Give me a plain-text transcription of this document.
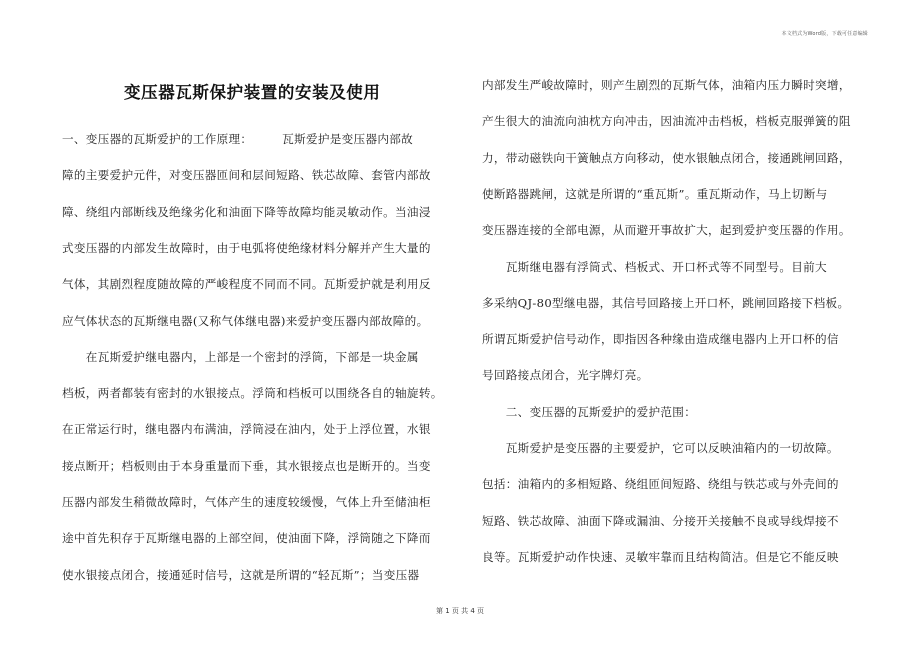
本文档式为Word版，下载可任意编辑
变压器瓦斯保护装置的安装及使用
一、变压器的瓦斯爱护的工作原理：　　　瓦斯爱护是变压器内部故
障的主要爱护元件，对变压器匝间和层间短路、铁芯故障、套管内部故
障、绕组内部断线及绝缘劣化和油面下降等故障均能灵敏动作。当油浸
式变压器的内部发生故障时，由于电弧将使绝缘材料分解并产生大量的
气体，其剧烈程度随故障的严峻程度不同而不同。瓦斯爱护就是利用反
应气体状态的瓦斯继电器(又称气体继电器)来爱护变压器内部故障的。
　　在瓦斯爱护继电器内，上部是一个密封的浮筒，下部是一块金属
档板，两者都装有密封的水银接点。浮筒和档板可以围绕各自的轴旋转。
在正常运行时，继电器内布满油，浮筒浸在油内，处于上浮位置，水银
接点断开；档板则由于本身重量而下垂，其水银接点也是断开的。当变
压器内部发生稍微故障时，气体产生的速度较缓慢，气体上升至储油柜
途中首先积存于瓦斯继电器的上部空间，使油面下降，浮筒随之下降而
使水银接点闭合，接通延时信号，这就是所谓的“轻瓦斯”；当变压器
内部发生严峻故障时，则产生剧烈的瓦斯气体，油箱内压力瞬时突增，
产生很大的油流向油枕方向冲击，因油流冲击档板，档板克服弹簧的阻
力，带动磁铁向干簧触点方向移动，使水银触点闭合，接通跳闸回路，
使断路器跳闸，这就是所谓的“重瓦斯”。重瓦斯动作，马上切断与
变压器连接的全部电源，从而避开事故扩大，起到爱护变压器的作用。
　　瓦斯继电器有浮筒式、档板式、开口杯式等不同型号。目前大
多采纳QJ-80型继电器，其信号回路接上开口杯，跳闸回路接下档板。
所谓瓦斯爱护信号动作，即指因各种缘由造成继电器内上开口杯的信
号回路接点闭合，光字牌灯亮。
　　二、变压器的瓦斯爱护的爱护范围：
　　瓦斯爱护是变压器的主要爱护，它可以反映油箱内的一切故障。
包括：油箱内的多相短路、绕组匝间短路、绕组与铁芯或与外壳间的
短路、铁芯故障、油面下降或漏油、分接开关接触不良或导线焊接不
良等。瓦斯爱护动作快速、灵敏牢靠而且结构简洁。但是它不能反映
第 1 页 共 4 页
